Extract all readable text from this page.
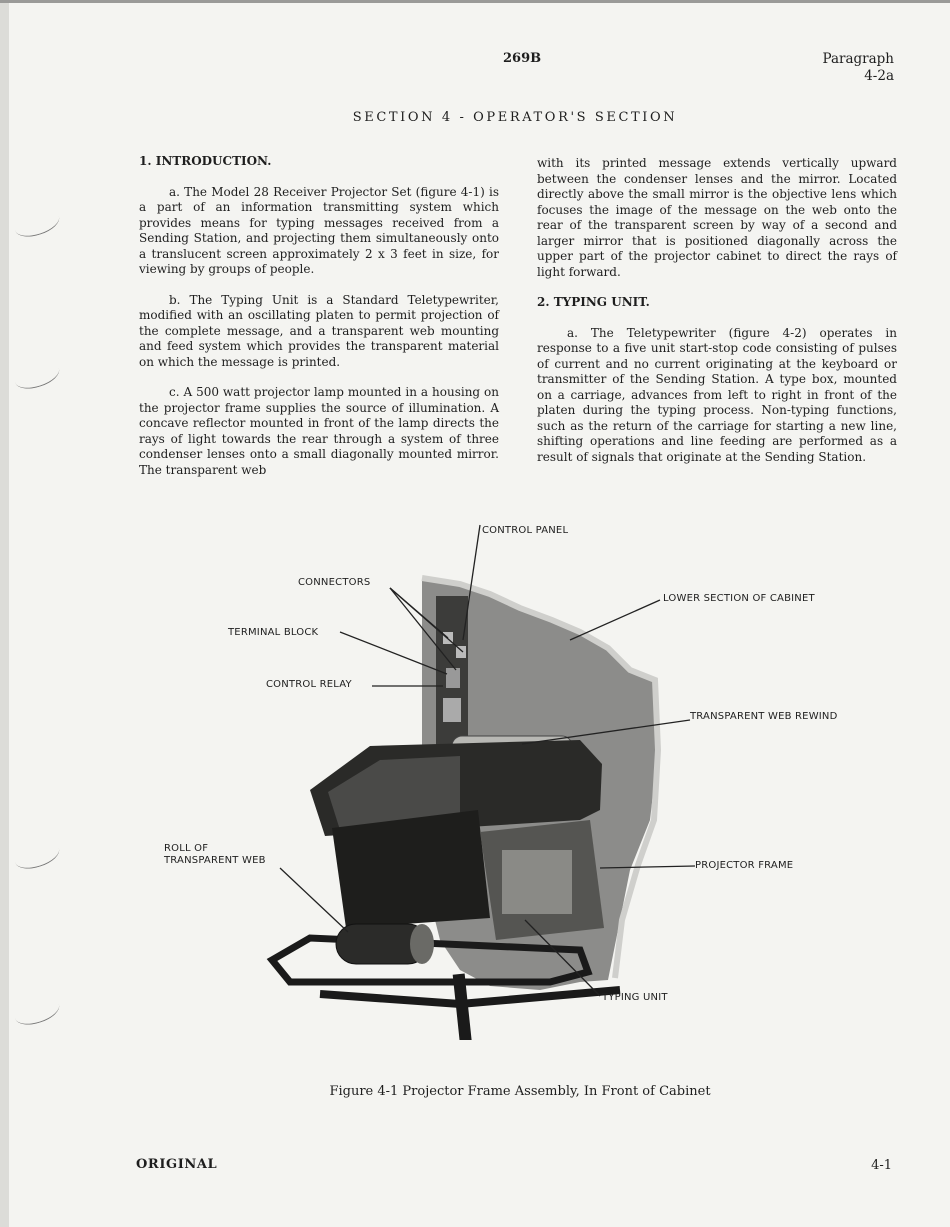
269B	Paragraph
4-2a
SECTION 4 - OPERATOR'S SECTION

1. INTRODUCTION.

a. The Model 28 Receiver Projector Set (figure 4-1) is a part of an information transmitting system which provides means for typing messages received from a Sending Station, and projecting them simultaneously onto a translucent screen approximately 2 x 3 feet in size, for viewing by groups of people.

b. The Typing Unit is a Standard Teletypewriter, modified with an oscillating platen to permit projection of the complete message, and a transparent web mounting and feed system which provides the transparent material on which the message is printed.

c. A 500 watt projector lamp mounted in a housing on the projector frame supplies the source of illumination. A concave reflector mounted in front of the lamp directs the rays of light towards the rear through a system of three condenser lenses onto a small diagonally mounted mirror. The transparent web

with its printed message extends vertically upward between the condenser lenses and the mirror. Located directly above the small mirror is the objective lens which focuses the image of the message on the web onto the rear of the transparent screen by way of a second and larger mirror that is positioned diagonally across the upper part of the projector cabinet to direct the rays of light forward.

2. TYPING UNIT.

a. The Teletypewriter (figure 4-2) operates in response to a five unit start-stop code consisting of pulses of current and no current originating at the keyboard or transmitter of the Sending Station. A type box, mounted on a carriage, advances from left to right in front of the platen during the typing process. Non-typing functions, such as the return of the carriage for starting a new line, shifting operations and line feeding are performed as a result of signals that originate at the Sending Station.

CONTROL PANEL
CONNECTORS
LOWER SECTION OF CABINET
TERMINAL BLOCK
CONTROL RELAY
TRANSPARENT WEB REWIND
ROLL OF
TRANSPARENT WEB	PROJECTOR FRAME
TYPING UNIT
Figure 4-1 Projector Frame Assembly, In Front of Cabinet
ORIGINAL	4-1
